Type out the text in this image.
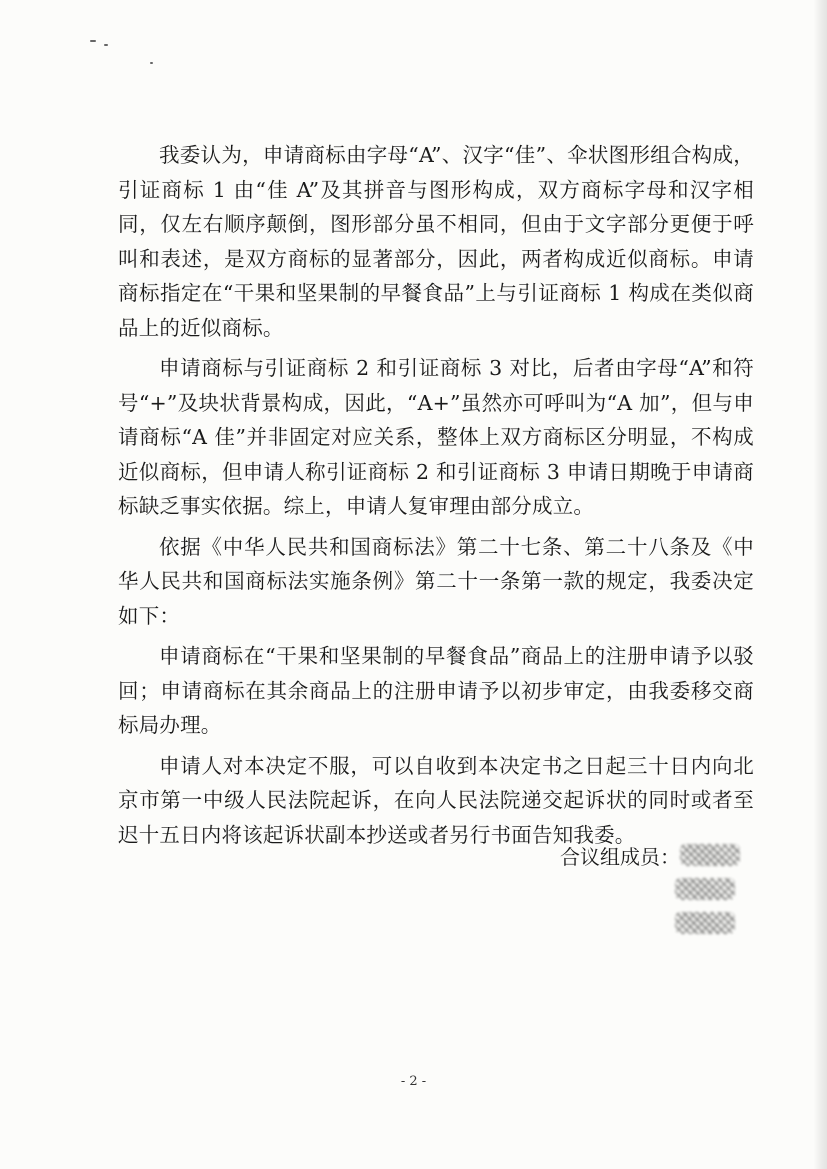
我委认为，申请商标由字母“A”、汉字“佳”、伞状图形组合构成，引证商标 1 由“佳 A”及其拼音与图形构成，双方商标字母和汉字相同，仅左右顺序颠倒，图形部分虽不相同，但由于文字部分更便于呼叫和表述，是双方商标的显著部分，因此，两者构成近似商标。申请商标指定在“干果和坚果制的早餐食品”上与引证商标 1 构成在类似商品上的近似商标。

申请商标与引证商标 2 和引证商标 3 对比，后者由字母“A”和符号“+”及块状背景构成，因此，“A+”虽然亦可呼叫为“A 加”，但与申请商标“A 佳”并非固定对应关系，整体上双方商标区分明显，不构成近似商标，但申请人称引证商标 2 和引证商标 3 申请日期晚于申请商标缺乏事实依据。综上，申请人复审理由部分成立。

依据《中华人民共和国商标法》第二十七条、第二十八条及《中华人民共和国商标法实施条例》第二十一条第一款的规定，我委决定如下：

申请商标在“干果和坚果制的早餐食品”商品上的注册申请予以驳回；申请商标在其余商品上的注册申请予以初步审定，由我委移交商标局办理。

申请人对本决定不服，可以自收到本决定书之日起三十日内向北京市第一中级人民法院起诉，在向人民法院递交起诉状的同时或者至迟十五日内将该起诉状副本抄送或者另行书面告知我委。

合议组成员：
- 2 -
